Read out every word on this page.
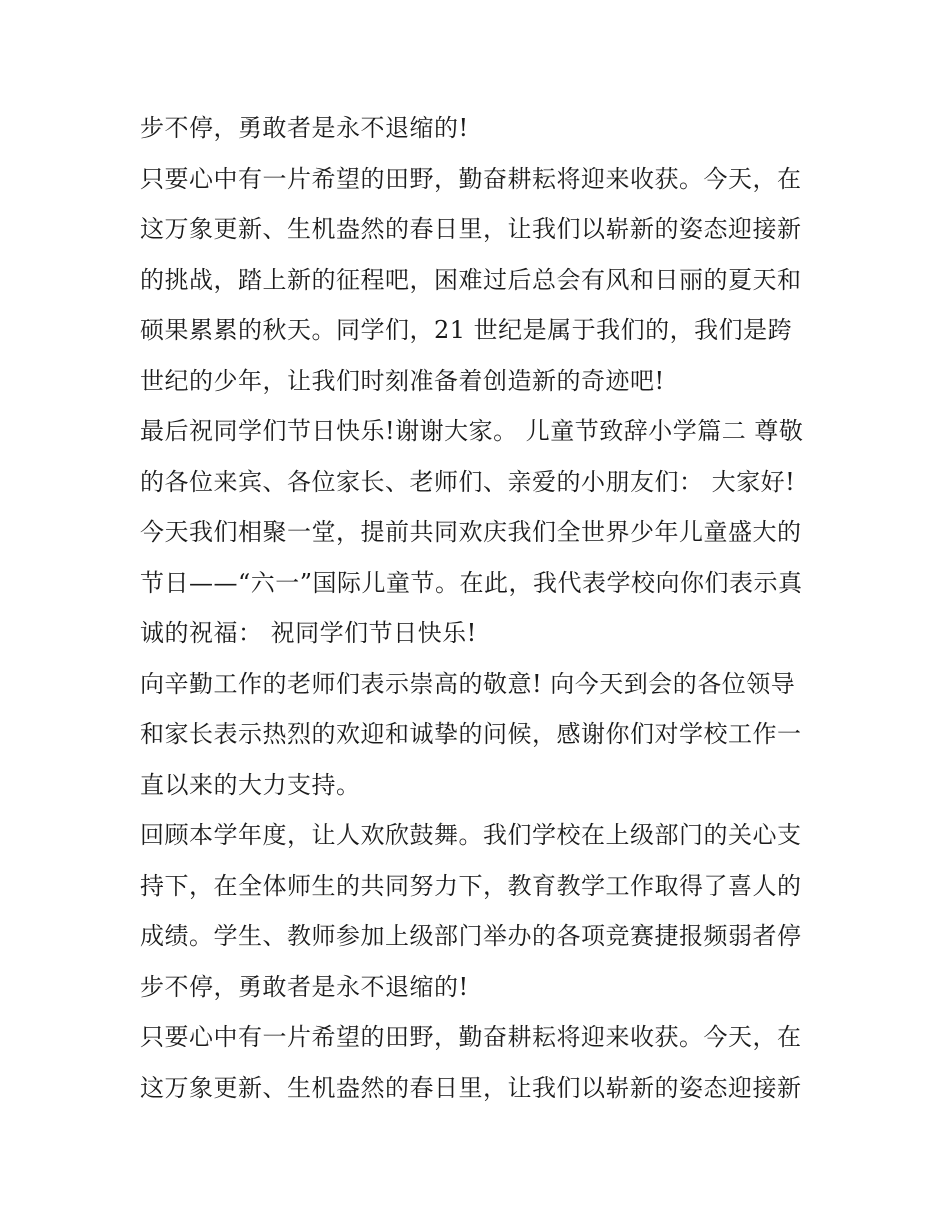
步不停，勇敢者是永不退缩的!
只要心中有一片希望的田野，勤奋耕耘将迎来收获。今天，在
这万象更新、生机盎然的春日里，让我们以崭新的姿态迎接新
的挑战，踏上新的征程吧，困难过后总会有风和日丽的夏天和
硕果累累的秋天。同学们，21 世纪是属于我们的，我们是跨
世纪的少年，让我们时刻准备着创造新的奇迹吧!
最后祝同学们节日快乐!谢谢大家。 儿童节致辞小学篇二 尊敬
的各位来宾、各位家长、老师们、亲爱的小朋友们： 大家好!
今天我们相聚一堂，提前共同欢庆我们全世界少年儿童盛大的
节日——“六一”国际儿童节。在此，我代表学校向你们表示真
诚的祝福： 祝同学们节日快乐!
向辛勤工作的老师们表示崇高的敬意! 向今天到会的各位领导
和家长表示热烈的欢迎和诚挚的问候，感谢你们对学校工作一
直以来的大力支持。
回顾本学年度，让人欢欣鼓舞。我们学校在上级部门的关心支
持下，在全体师生的共同努力下，教育教学工作取得了喜人的
成绩。学生、教师参加上级部门举办的各项竞赛捷报频弱者停
步不停，勇敢者是永不退缩的!
只要心中有一片希望的田野，勤奋耕耘将迎来收获。今天，在
这万象更新、生机盎然的春日里，让我们以崭新的姿态迎接新
